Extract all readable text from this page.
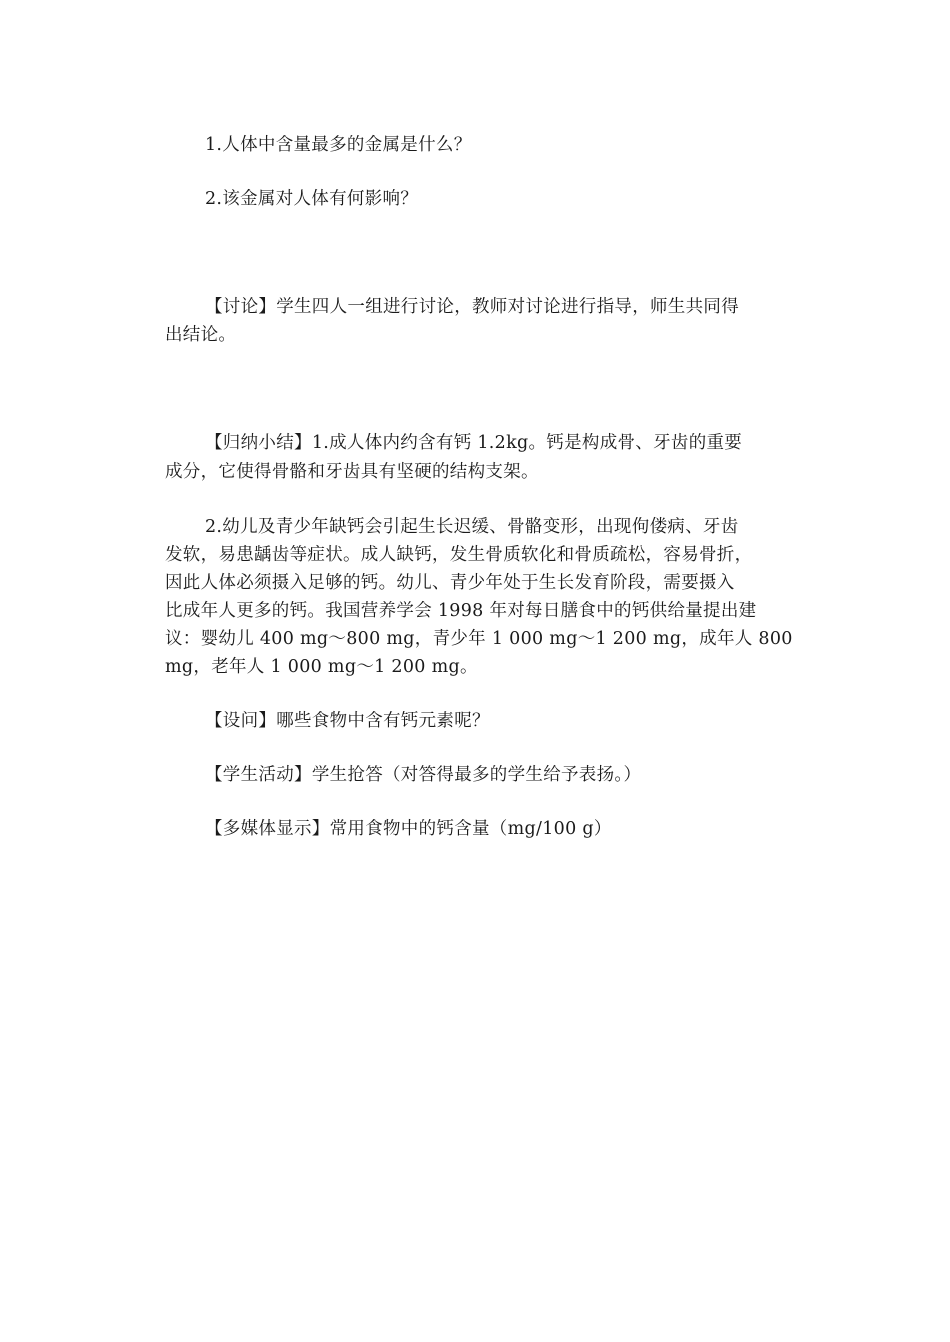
1.人体中含量最多的金属是什么？
2.该金属对人体有何影响？
【讨论】学生四人一组进行讨论，教师对讨论进行指导，师生共同得
出结论。
【归纳小结】1.成人体内约含有钙 1.2kg。钙是构成骨、牙齿的重要
成分，它使得骨骼和牙齿具有坚硬的结构支架。
2.幼儿及青少年缺钙会引起生长迟缓、骨骼变形，出现佝偻病、牙齿
发软，易患龋齿等症状。成人缺钙，发生骨质软化和骨质疏松，容易骨折，
因此人体必须摄入足够的钙。幼儿、青少年处于生长发育阶段，需要摄入
比成年人更多的钙。我国营养学会 1998 年对每日膳食中的钙供给量提出建
议：婴幼儿 400 mg～800 mg，青少年 1 000 mg～1 200 mg，成年人 800
mg，老年人 1 000 mg～1 200 mg。
【设问】哪些食物中含有钙元素呢？
【学生活动】学生抢答（对答得最多的学生给予表扬。）
【多媒体显示】常用食物中的钙含量（mg/100 g）
